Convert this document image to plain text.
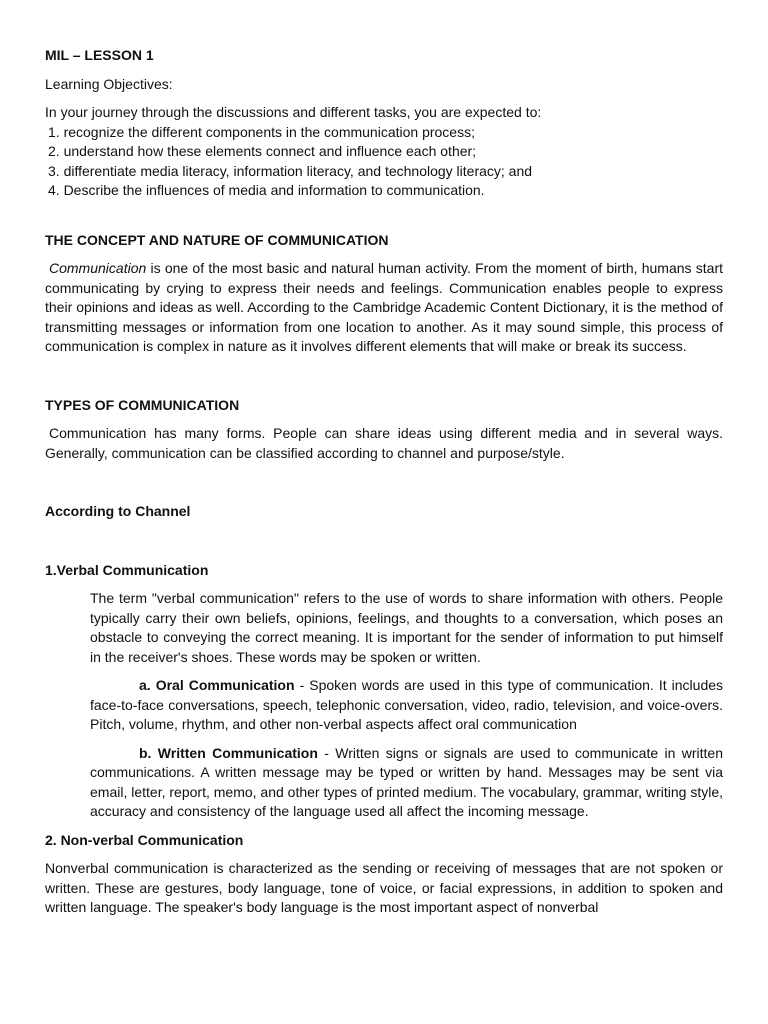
MIL – LESSON 1

Learning Objectives:

In your journey through the discussions and different tasks, you are expected to:

1. recognize the different components in the communication process;
2. understand how these elements connect and influence each other;
3. differentiate media literacy, information literacy, and technology literacy; and
4. Describe the influences of media and information to communication.

THE CONCEPT AND NATURE OF COMMUNICATION

Communication is one of the most basic and natural human activity. From the moment of birth, humans start communicating by crying to express their needs and feelings. Communication enables people to express their opinions and ideas as well. According to the Cambridge Academic Content Dictionary, it is the method of transmitting messages or information from one location to another. As it may sound simple, this process of communication is complex in nature as it involves different elements that will make or break its success.

TYPES OF COMMUNICATION

Communication has many forms. People can share ideas using different media and in several ways. Generally, communication can be classified according to channel and purpose/style.

According to Channel

1.Verbal Communication

The term "verbal communication" refers to the use of words to share information with others. People typically carry their own beliefs, opinions, feelings, and thoughts to a conversation, which poses an obstacle to conveying the correct meaning. It is important for the sender of information to put himself in the receiver's shoes. These words may be spoken or written.

a. Oral Communication - Spoken words are used in this type of communication. It includes face-to-face conversations, speech, telephonic conversation, video, radio, television, and voice-overs. Pitch, volume, rhythm, and other non-verbal aspects affect oral communication

b. Written Communication - Written signs or signals are used to communicate in written communications. A written message may be typed or written by hand. Messages may be sent via email, letter, report, memo, and other types of printed medium. The vocabulary, grammar, writing style, accuracy and consistency of the language used all affect the incoming message.

2. Non-verbal Communication

Nonverbal communication is characterized as the sending or receiving of messages that are not spoken or written. These are gestures, body language, tone of voice, or facial expressions, in addition to spoken and written language. The speaker's body language is the most important aspect of nonverbal
